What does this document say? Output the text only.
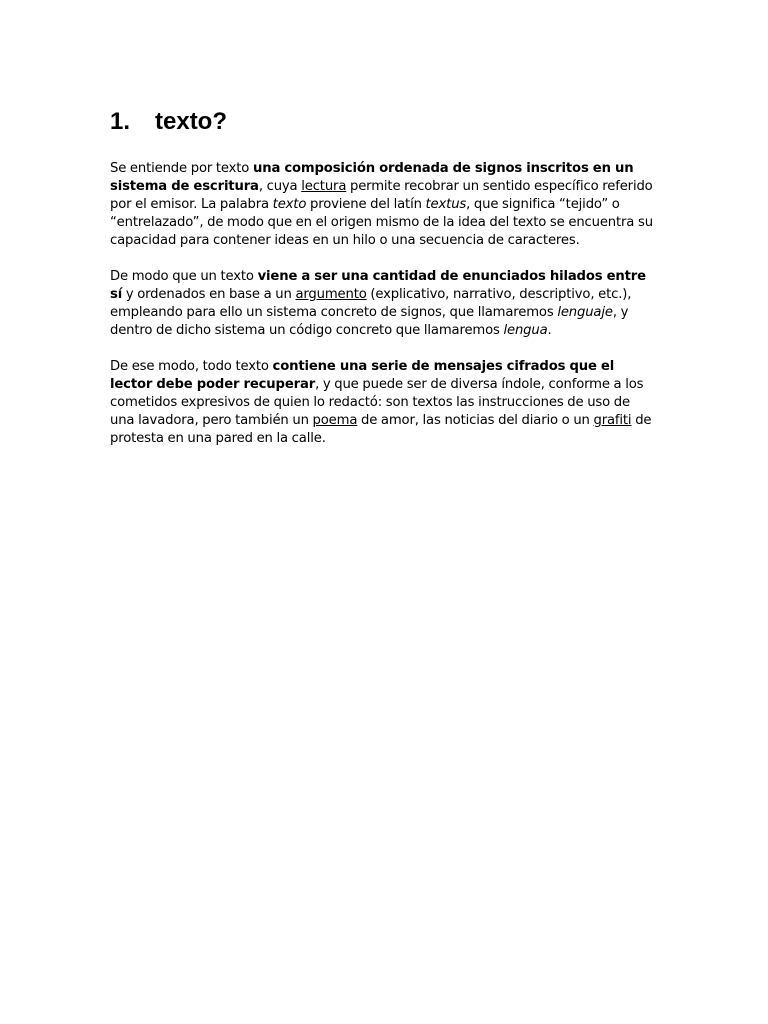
1.	texto?

Se entiende por texto una composición ordenada de signos inscritos en un sistema de escritura, cuya lectura permite recobrar un sentido específico referido por el emisor. La palabra texto proviene del latín textus, que significa “tejido” o “entrelazado”, de modo que en el origen mismo de la idea del texto se encuentra su capacidad para contener ideas en un hilo o una secuencia de caracteres.

De modo que un texto viene a ser una cantidad de enunciados hilados entre sí y ordenados en base a un argumento (explicativo, narrativo, descriptivo, etc.), empleando para ello un sistema concreto de signos, que llamaremos lenguaje, y dentro de dicho sistema un código concreto que llamaremos lengua.

De ese modo, todo texto contiene una serie de mensajes cifrados que el lector debe poder recuperar, y que puede ser de diversa índole, conforme a los cometidos expresivos de quien lo redactó: son textos las instrucciones de uso de una lavadora, pero también un poema de amor, las noticias del diario o un grafiti de protesta en una pared en la calle.
